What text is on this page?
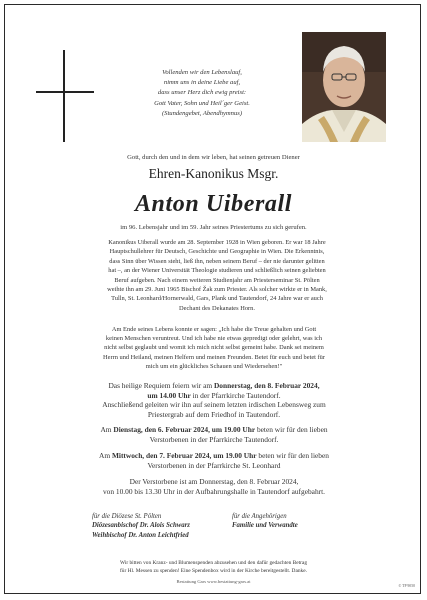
Vollenden wir den Lebenslauf,
nimm uns in deine Liebe auf,
dass unser Herz dich ewig preist:
Gott Vater, Sohn und Heil´ger Geist.
(Stundengebet, Abendhymnus)
Gott, durch den und in dem wir leben, hat seinen getreuen Diener
Ehren-Kanonikus Msgr.
Anton Uiberall
im 96. Lebensjahr und im 59. Jahr seines Priestertums zu sich gerufen.
Kanonikus Uiberall wurde am 28. September 1928 in Wien geboren. Er war 18 Jahre
Hauptschullehrer für Deutsch, Geschichte und Geographie in Wien. Die Erkenntnis,
dass Sinn über Wissen steht, ließ ihn, neben seinem Beruf – der nie darunter gelitten
hat –, an der Wiener Universität Theologie studieren und schließlich seinen geliebten
Beruf aufgeben. Nach einem weiteren Studienjahr am Priesterseminar St. Pölten
weihte ihn am 29. Juni 1965 Bischof Žak zum Priester. Als solcher wirkte er in Mank,
Tulln, St. Leonhard/Hornerwald, Gars, Plank und Tautendorf, 24 Jahre war er auch
Dechant des Dekanates Horn.
Am Ende seines Lebens konnte er sagen: „Ich habe die Treue gehalten und Gott
keinen Menschen veruntreut. Und ich habe nie etwas gepredigt oder gelehrt, was ich
nicht selbst geglaubt und womit ich mich nicht selbst gemeint habe. Dank sei meinem
Herrn und Heiland, meinen Helfern und meinen Freunden. Betet für euch und betet für
mich um ein glückliches Schauen und Wiedersehen!"
Das heilige Requiem feiern wir am Donnerstag, den 8. Februar 2024,
um 14.00 Uhr in der Pfarrkirche Tautendorf.
Anschließend geleiten wir ihn auf seinem letzten irdischen Lebensweg zum
Priestergrab auf dem Friedhof in Tautendorf.
Am Dienstag, den 6. Februar 2024, um 19.00 Uhr beten wir für den lieben
Verstorbenen in der Pfarrkirche Tautendorf.
Am Mittwoch, den 7. Februar 2024, um 19.00 Uhr beten wir für den lieben
Verstorbenen in der Pfarrkirche St. Leonhard
Der Verstorbene ist am Donnerstag, den 8. Februar 2024,
von 10.00 bis 13.30 Uhr in der Aufbahrungshalle in Tautendorf aufgebahrt.
für die Diözese St. Pölten
Diözesanbischof Dr. Alois Schwarz
Weihbischof Dr. Anton Leichtfried
für die Angehörigen
Familie und Verwandte
Wir bitten von Kranz- und Blumenspenden abzusehen und den dafür gedachten Betrag
für Hl. Messen zu spenden! Eine Spendenbox wird in der Kirche bereitgestellt. Danke.
Bestattung Gars www.bestattung-gars.at
© TP 9050
